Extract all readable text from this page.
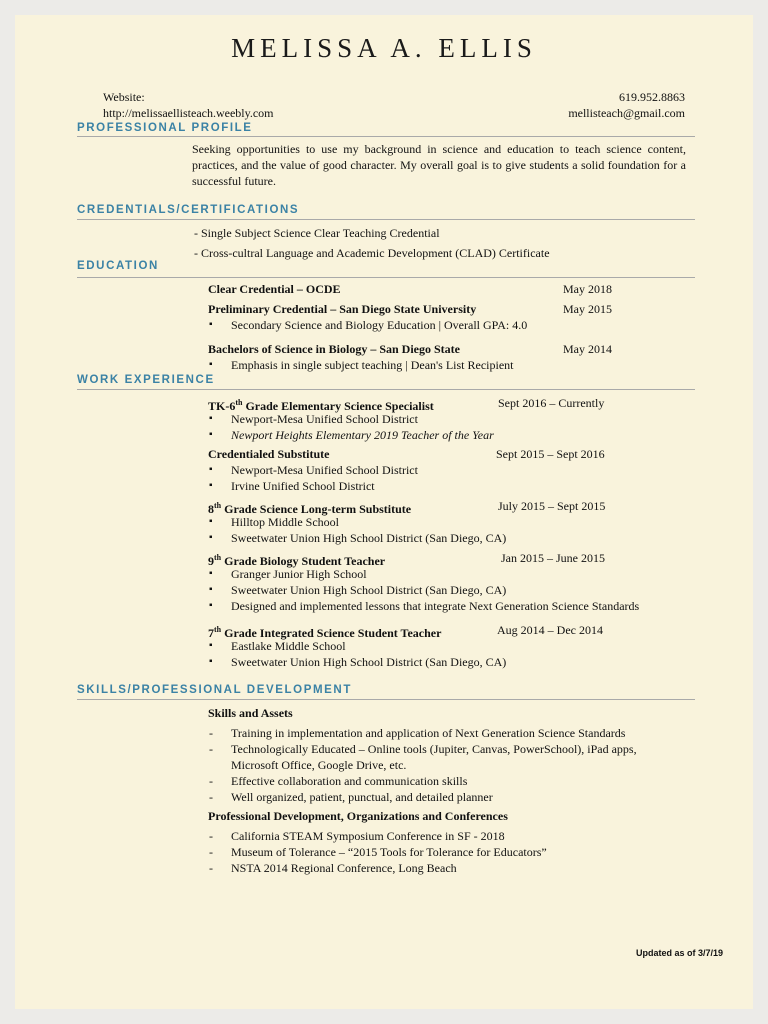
MELISSA A. ELLIS
Website:
http://melissaellisteach.weebly.com
619.952.8863
mellisteach@gmail.com
PROFESSIONAL PROFILE
Seeking opportunities to use my background in science and education to teach science content, practices, and the value of good character. My overall goal is to give students a solid foundation for a successful future.
CREDENTIALS/CERTIFICATIONS
- Single Subject Science Clear Teaching Credential
- Cross-cultral Language and Academic Development (CLAD) Certificate
EDUCATION
Clear Credential – OCDE	May 2018
Preliminary Credential – San Diego State University	May 2015
▪ Secondary Science and Biology Education | Overall GPA: 4.0
Bachelors of Science in Biology – San Diego State	May 2014
▪ Emphasis in single subject teaching | Dean's List Recipient
WORK EXPERIENCE
TK-6th Grade Elementary Science Specialist	Sept 2016 – Currently
▪ Newport-Mesa Unified School District
▪ Newport Heights Elementary 2019 Teacher of the Year
Credentialed Substitute	Sept 2015 – Sept 2016
▪ Newport-Mesa Unified School District
▪ Irvine Unified School District
8th Grade Science Long-term Substitute	July 2015 – Sept 2015
▪ Hilltop Middle School
▪ Sweetwater Union High School District (San Diego, CA)
9th Grade Biology Student Teacher	Jan 2015 – June 2015
▪ Granger Junior High School
▪ Sweetwater Union High School District (San Diego, CA)
▪ Designed and implemented lessons that integrate Next Generation Science Standards
7th Grade Integrated Science Student Teacher	Aug 2014 – Dec 2014
▪ Eastlake Middle School
▪ Sweetwater Union High School District (San Diego, CA)
SKILLS/PROFESSIONAL DEVELOPMENT
Skills and Assets
- Training in implementation and application of Next Generation Science Standards
- Technologically Educated – Online tools (Jupiter, Canvas, PowerSchool), iPad apps, Microsoft Office, Google Drive, etc.
- Effective collaboration and communication skills
- Well organized, patient, punctual, and detailed planner
Professional Development, Organizations and Conferences
- California STEAM Symposium Conference in SF - 2018
- Museum of Tolerance – “2015 Tools for Tolerance for Educators”
- NSTA 2014 Regional Conference, Long Beach
Updated as of 3/7/19
